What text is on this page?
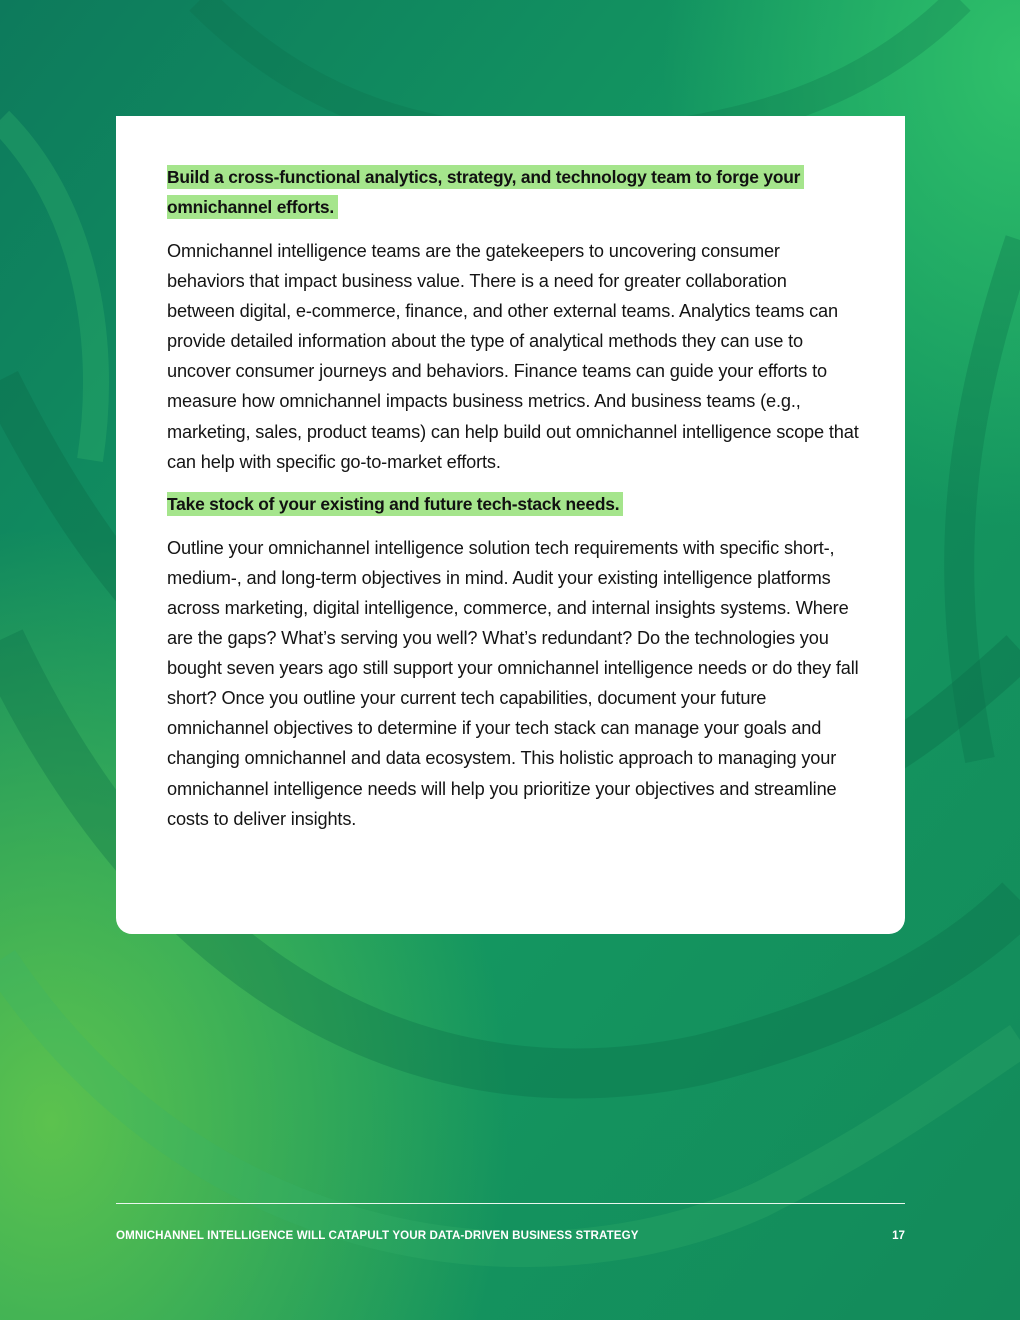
Build a cross-functional analytics, strategy, and technology team to forge your omnichannel efforts.

Omnichannel intelligence teams are the gatekeepers to uncovering consumer behaviors that impact business value. There is a need for greater collaboration between digital, e-commerce, finance, and other external teams. Analytics teams can provide detailed information about the type of analytical methods they can use to uncover consumer journeys and behaviors. Finance teams can guide your efforts to measure how omnichannel impacts business metrics. And business teams (e.g., marketing, sales, product teams) can help build out omnichannel intelligence scope that can help with specific go-to-market efforts.

Take stock of your existing and future tech-stack needs.

Outline your omnichannel intelligence solution tech requirements with specific short-, medium-, and long-term objectives in mind. Audit your existing intelligence platforms across marketing, digital intelligence, commerce, and internal insights systems. Where are the gaps? What’s serving you well? What’s redundant? Do the technologies you bought seven years ago still support your omnichannel intelligence needs or do they fall short? Once you outline your current tech capabilities, document your future omnichannel objectives to determine if your tech stack can manage your goals and changing omnichannel and data ecosystem. This holistic approach to managing your omnichannel intelligence needs will help you prioritize your objectives and streamline costs to deliver insights.

OMNICHANNEL INTELLIGENCE WILL CATAPULT YOUR DATA-DRIVEN BUSINESS STRATEGY	17
